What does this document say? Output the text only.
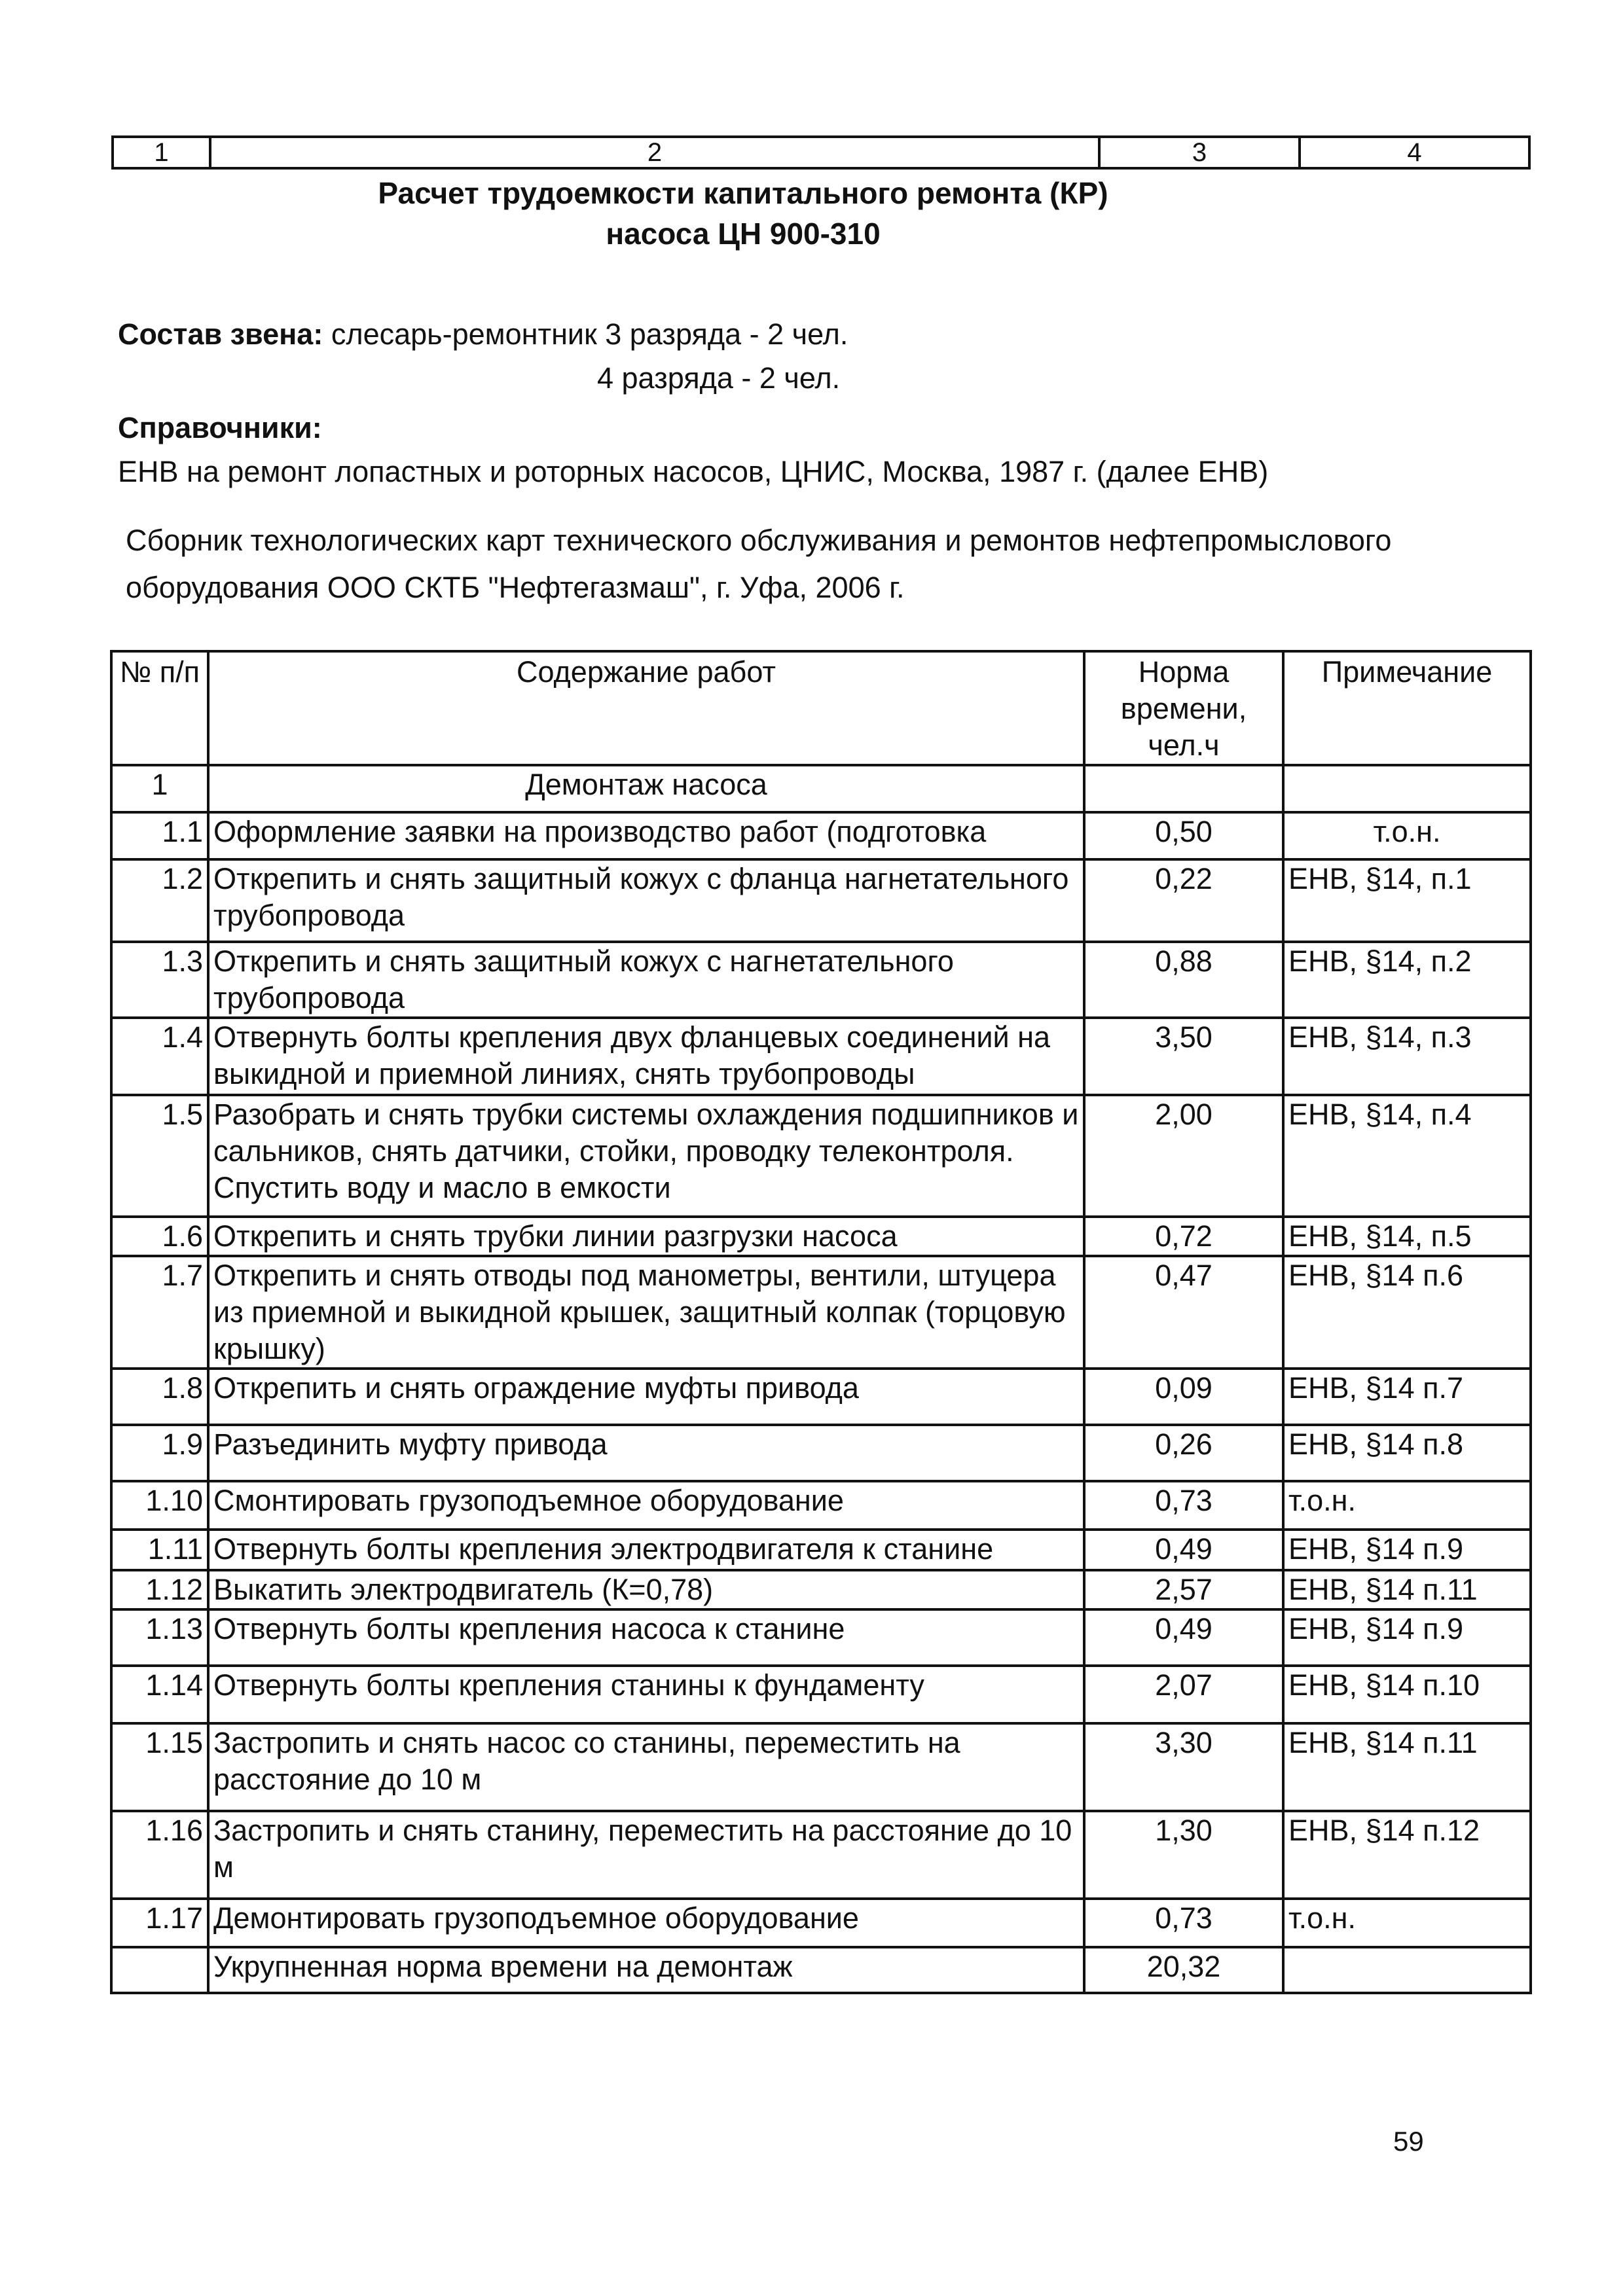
1	2	3	4
Расчет трудоемкости капитального ремонта (КР)
насоса ЦН 900-310
Состав звена: слесарь-ремонтник 3 разряда - 2 чел.
4 разряда - 2 чел.
Справочники:
ЕНВ на ремонт лопастных и роторных насосов, ЦНИС, Москва, 1987 г. (далее ЕНВ)
Сборник технологических карт технического обслуживания и ремонтов нефтепромыслового
оборудования ООО СКТБ "Нефтегазмаш", г. Уфа, 2006 г.
№ п/п	Содержание работ	Норма времени, чел.ч	Примечание
1	Демонтаж насоса		
1.1	Оформление заявки на производство работ (подготовка	0,50	т.о.н.
1.2	Открепить и снять защитный кожух с фланца нагнетательного трубопровода	0,22	ЕНВ, §14, п.1
1.3	Открепить и снять защитный кожух с нагнетательного трубопровода	0,88	ЕНВ, §14, п.2
1.4	Отвернуть болты крепления двух фланцевых соединений на выкидной и приемной линиях, снять трубопроводы	3,50	ЕНВ, §14, п.3
1.5	Разобрать и снять трубки системы охлаждения подшипников и сальников, снять датчики, стойки, проводку телеконтроля. Спустить воду и масло в емкости	2,00	ЕНВ, §14, п.4
1.6	Открепить и снять трубки линии разгрузки насоса	0,72	ЕНВ, §14, п.5
1.7	Открепить и снять отводы под манометры, вентили, штуцера из приемной и выкидной крышек, защитный колпак (торцовую крышку)	0,47	ЕНВ, §14 п.6
1.8	Открепить и снять ограждение муфты привода	0,09	ЕНВ, §14 п.7
1.9	Разъединить муфту привода	0,26	ЕНВ, §14 п.8
1.10	Смонтировать грузоподъемное оборудование	0,73	т.о.н.
1.11	Отвернуть болты крепления электродвигателя к станине	0,49	ЕНВ, §14 п.9
1.12	Выкатить электродвигатель (К=0,78)	2,57	ЕНВ, §14 п.11
1.13	Отвернуть болты крепления насоса к станине	0,49	ЕНВ, §14 п.9
1.14	Отвернуть болты крепления станины к фундаменту	2,07	ЕНВ, §14 п.10
1.15	Застропить и снять насос со станины, переместить на расстояние до 10 м	3,30	ЕНВ, §14 п.11
1.16	Застропить и снять станину, переместить на расстояние до 10 м	1,30	ЕНВ, §14 п.12
1.17	Демонтировать грузоподъемное оборудование	0,73	т.о.н.
	Укрупненная норма времени на демонтаж	20,32	
59
